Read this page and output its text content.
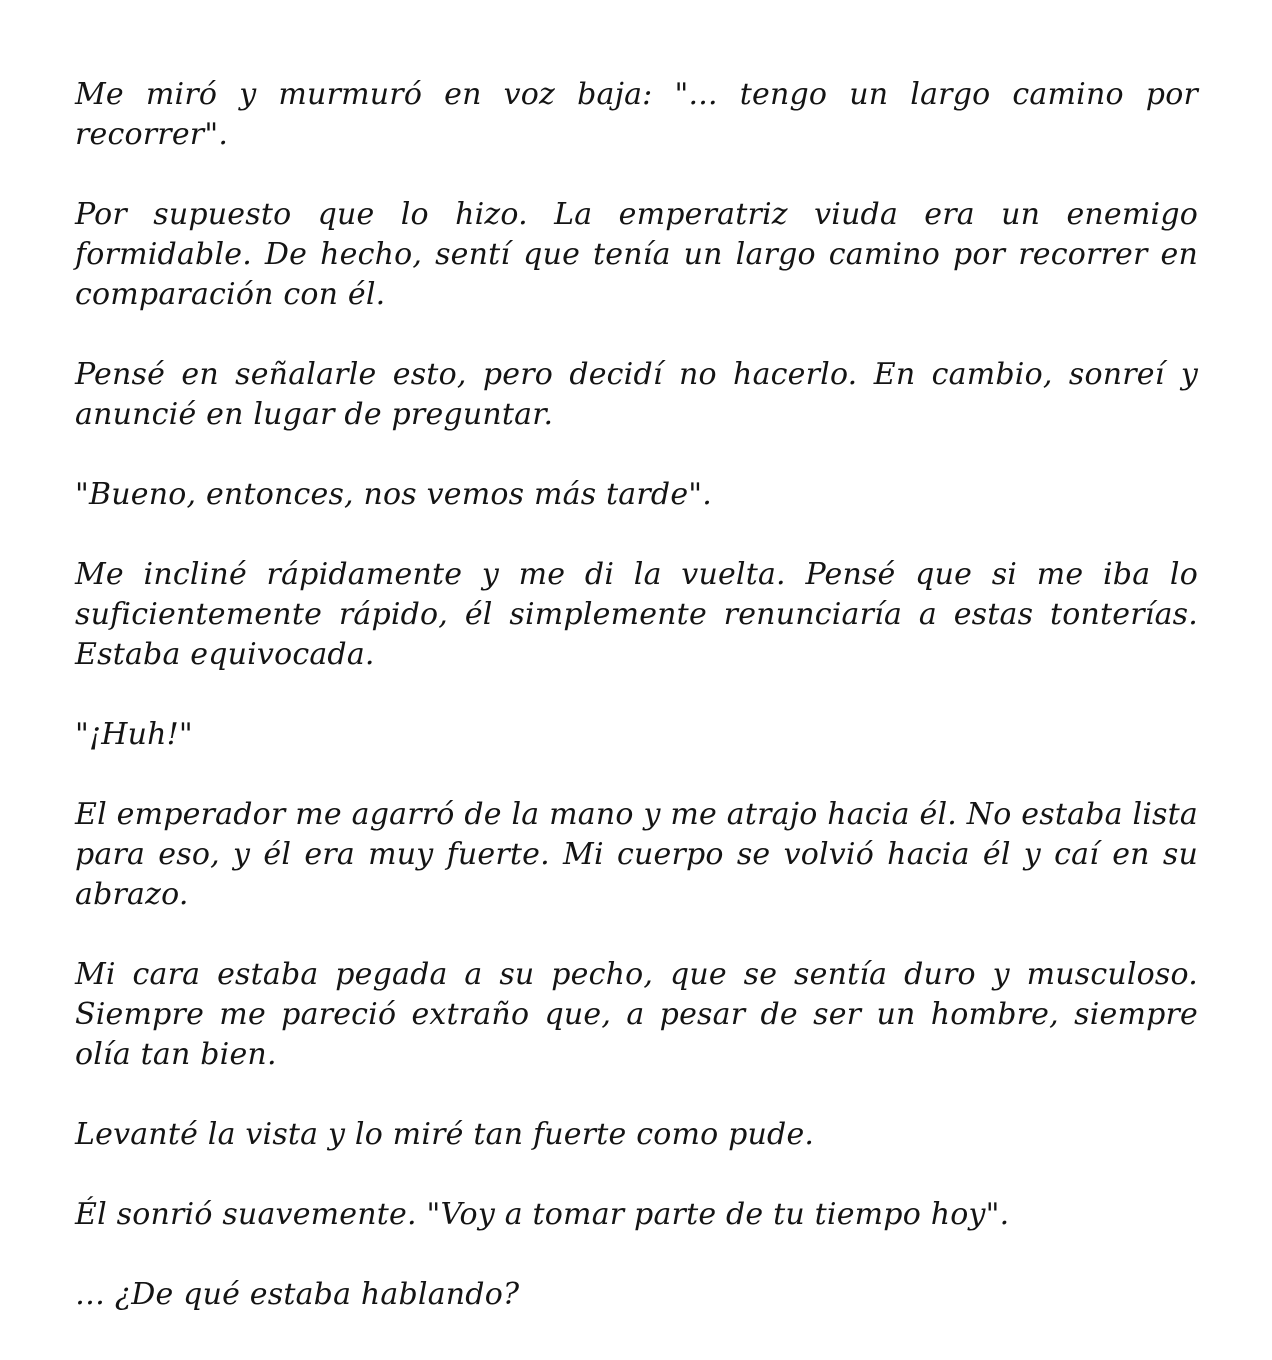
Me miró y murmuró en voz baja: "... tengo un largo camino por recorrer".

Por supuesto que lo hizo. La emperatriz viuda era un enemigo formidable. De hecho, sentí que tenía un largo camino por recorrer en comparación con él.

Pensé en señalarle esto, pero decidí no hacerlo. En cambio, sonreí y anuncié en lugar de preguntar.

"Bueno, entonces, nos vemos más tarde".

Me incliné rápidamente y me di la vuelta. Pensé que si me iba lo suficientemente rápido, él simplemente renunciaría a estas tonterías. Estaba equivocada.

"¡Huh!"

El emperador me agarró de la mano y me atrajo hacia él. No estaba lista para eso, y él era muy fuerte. Mi cuerpo se volvió hacia él y caí en su abrazo.

Mi cara estaba pegada a su pecho, que se sentía duro y musculoso. Siempre me pareció extraño que, a pesar de ser un hombre, siempre olía tan bien.

Levanté la vista y lo miré tan fuerte como pude.

Él sonrió suavemente. "Voy a tomar parte de tu tiempo hoy".

… ¿De qué estaba hablando?
